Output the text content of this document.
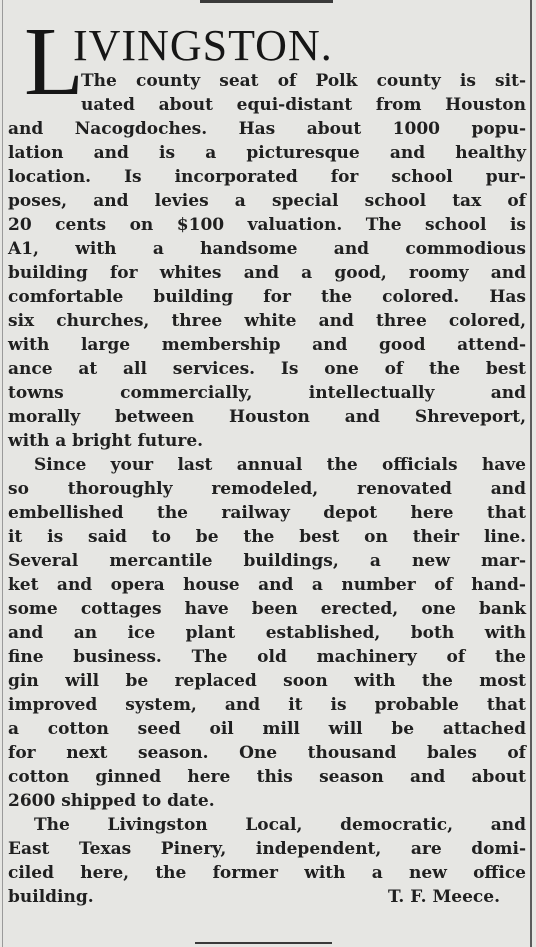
L
IVINGSTON.
The county seat of Polk county is sit-
uated about equi-distant from Houston
and Nacogdoches. Has about 1000 popu-
lation and is a picturesque and healthy
location. Is incorporated for school pur-
poses, and levies a special school tax of
20 cents on $100 valuation. The school is
A1, with a handsome and commodious
building for whites and a good, roomy and
comfortable building for the colored. Has
six churches, three white and three colored,
with large membership and good attend-
ance at all services. Is one of the best
towns commercially, intellectually and
morally between Houston and Shreveport,
with a bright future.
Since your last annual the officials have
so thoroughly remodeled, renovated and
embellished the railway depot here that
it is said to be the best on their line.
Several mercantile buildings, a new mar-
ket and opera house and a number of hand-
some cottages have been erected, one bank
and an ice plant established, both with
fine business. The old machinery of the
gin will be replaced soon with the most
improved system, and it is probable that
a cotton seed oil mill will be attached
for next season. One thousand bales of
cotton ginned here this season and about
2600 shipped to date.
The Livingston Local, democratic, and
East Texas Pinery, independent, are domi-
ciled here, the former with a new office
building.	T. F. Meece.
